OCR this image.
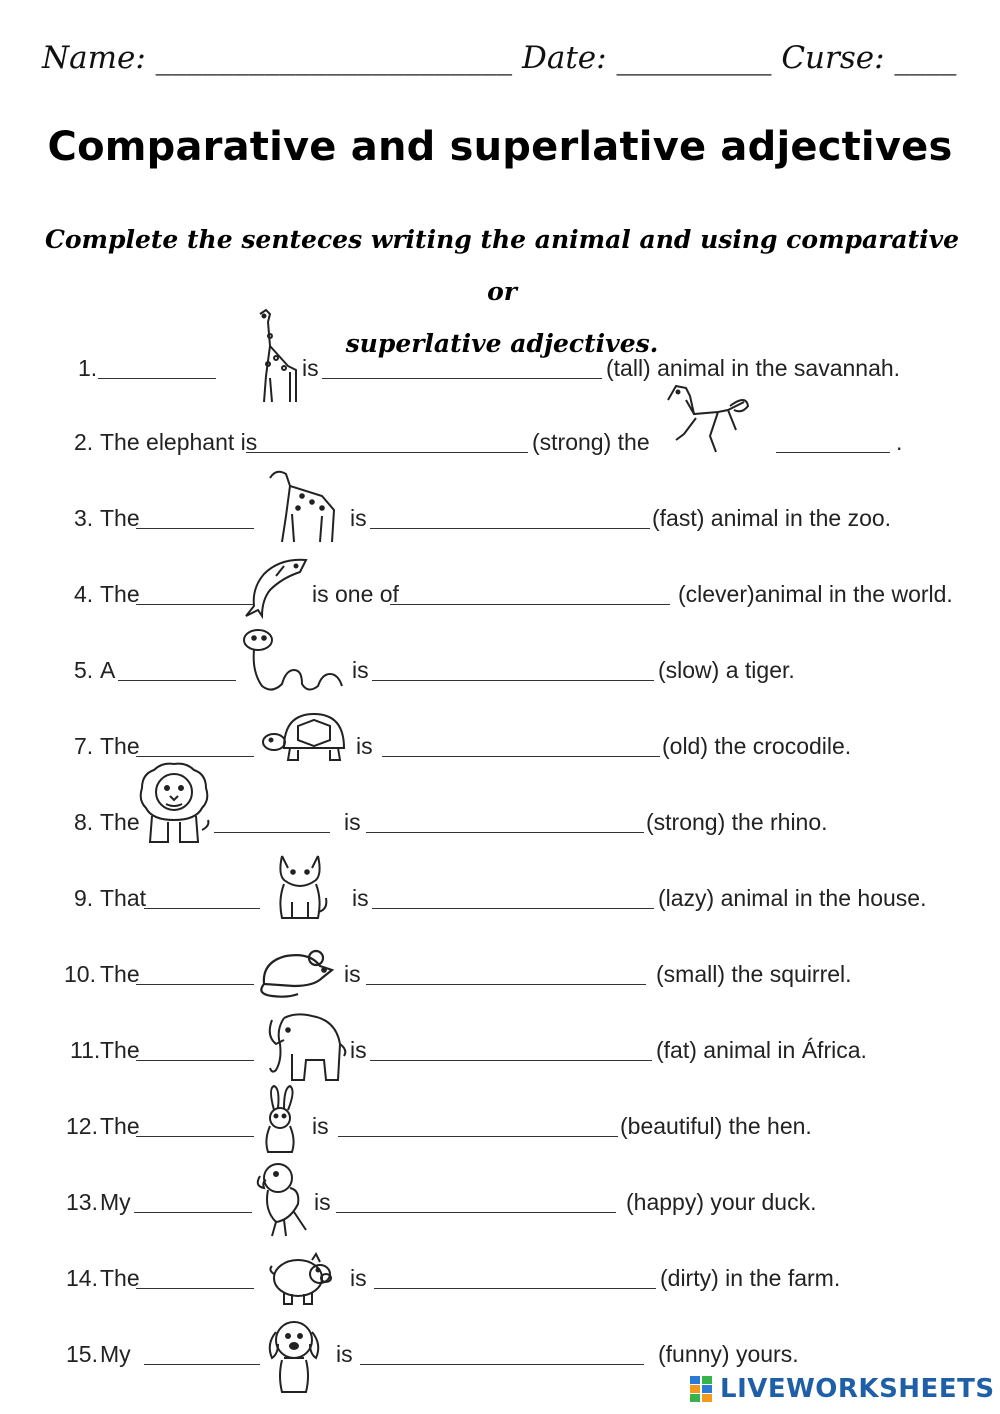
Name: _______________________ Date: __________ Curse: ____
Comparative and superlative adjectives
Complete the senteces writing the animal and using comparative or
superlative adjectives.
1.	is	(tall) animal in the savannah.
2. The elephant is	(strong) the	.
3. The	is	(fast) animal in the zoo.
4. The	is one of	(clever)animal in the world.
5. A	is	(slow) a tiger.
7. The	is	(old) the crocodile.
8. The	is	(strong) the rhino.
9. That	is	(lazy) animal in the house.
10. The	is	(small) the squirrel.
11. The	is	(fat) animal in África.
12. The	is	(beautiful) the hen.
13. My	is	(happy) your duck.
14. The	is	(dirty) in the farm.
15. My	is	(funny) yours.
LIVEWORKSHEETS
